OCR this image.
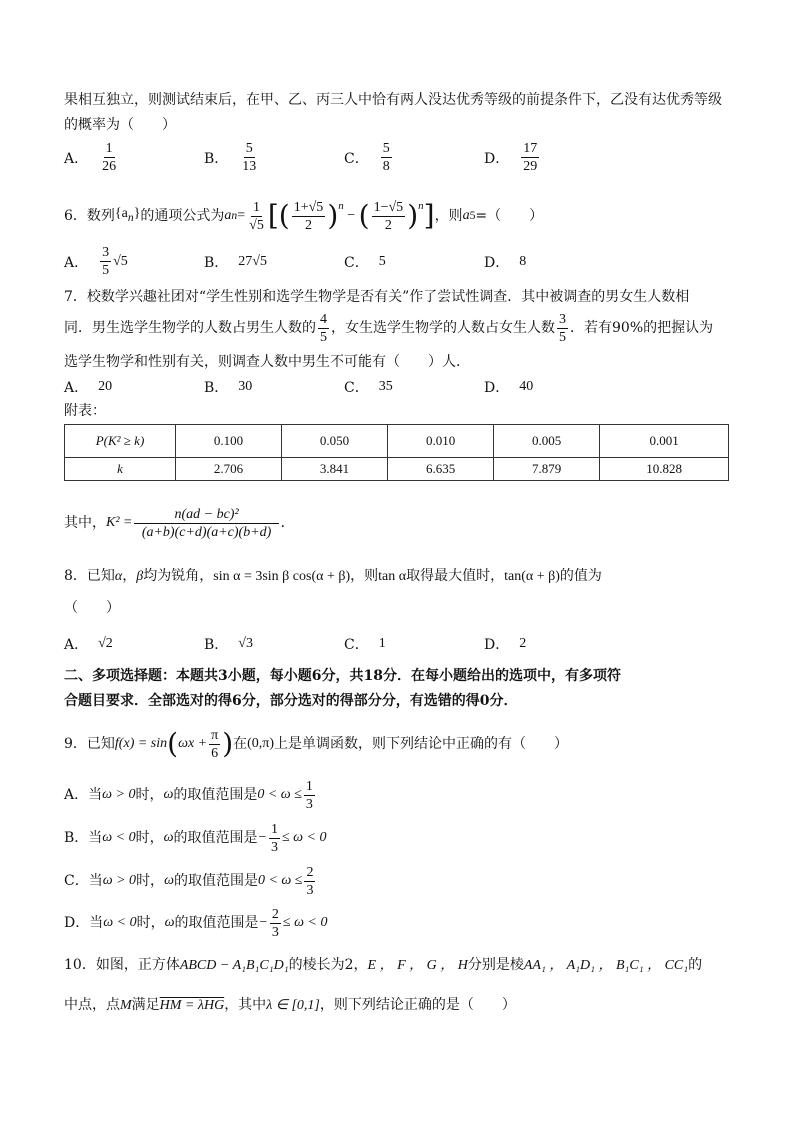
果相互独立，则测试结束后，在甲、乙、丙三人中恰有两人没达优秀等级的前提条件下，乙没有达优秀等级
的概率为（　　）
A． $\frac{1}{26}$	B． $\frac{5}{13}$	C． $\frac{5}{8}$	D． $\frac{17}{29}$
6．数列 $\{a_n\}$ 的通项公式为 a $n = \frac{1}{√5}$ [ ( $\frac{1+√5}{2} )^n$
− ( $\frac{1-√5}{2} )^n$ ] ，则 a 5 =（　　）
A． $\frac{3}{5} √5$	B． 27√5	C． 5	D． 8
7．校数学兴趣社团对“学生性别和选学生物学是否有关”作了尝试性调查．其中被调查的男女生人数相
同．男生选学生物学的人数占男生人数的 $\frac{4}{5}$ ，女生选学生物学的人数占女生人数 $\frac{3}{5}$ ．若有90%的把握认为
选学生物学和性别有关，则调查人数中男生不可能有（　　）人．
A． 20	B． 30	C． 35	D． 40
附表：
P(K² ≥ k)	0.100	0.050	0.010	0.005	0.001
k	2.706	3.841	6.635	7.879	10.828
其中， $K^2 = \frac{\text{n(ad − bc)²}}{(a+b)(c+d)(a+c)(b+d)}$ ．
8．已知α，β均为锐角，sin α = 3sin β cos(α + β)，则tan α取得最大值时，tan(α + β)的值为
（　　）
A． √2	B． √3	C． 1	D． 2
二、多项选择题：本题共3小题，每小题6分，共18分．在每小题给出的选项中，有多项符
合题目要求．全部选对的得6分，部分选对的得部分分，有选错的得0分．
9．已知 f(x) = sin ( $\omega x + \frac{\pi}{6}$ ) 在 (0,π) 上是单调函数，则下列结论中正确的有（　　）
A．当 ω > 0 时， ω 的取值范围是 $0 < \omega \le \frac{1}{3}$
B．当 ω < 0 时， ω 的取值范围是 − $\frac{1}{3} \le \omega < 0$
C．当 ω > 0 时， ω 的取值范围是 $0 < \omega \le \frac{2}{3}$
D．当 ω < 0 时， ω 的取值范围是 − $\frac{2}{3} \le \omega < 0$
10．如图，正方体ABCD − A₁B₁C₁D₁的棱长为2，E ， F ， G ， H分别是棱AA₁ ， A₁D₁ ， B₁C₁ ， CC₁的
中点，点M满足HM = λHG，其中λ ∈ [0,1]，则下列结论正确的是（　　）
